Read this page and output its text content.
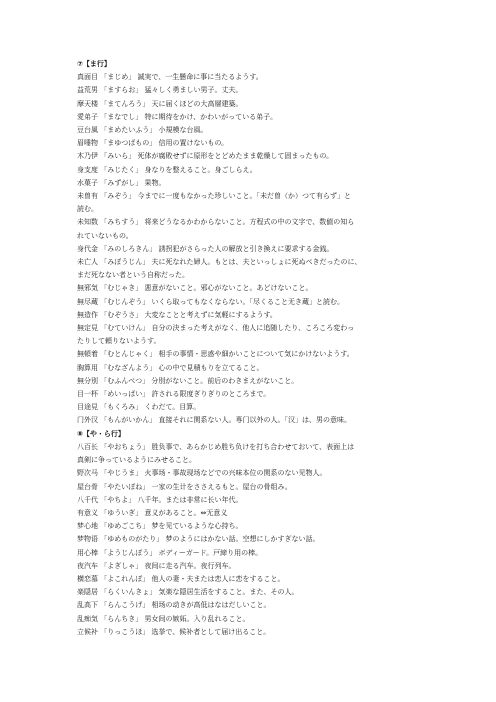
⑦【ま行】
真面目 「まじめ」 誠実で、一生懸命に事に当たるようす。
益荒男 「ますらお」 猛々しく勇ましい男子。丈夫。
摩天楼 「まてんろう」 天に届くほどの大高層建築。
愛弟子 「まなでし」 特に期待をかけ、かわいがっている弟子。
豆台風 「まめたいふう」 小規模な台風。
眉唾物 「まゆつばもの」 信用の置けないもの。
木乃伊 「みいら」 死体が腐敗せずに原形をとどめたまま乾燥して固まったもの。
身支度 「みじたく」 身なりを整えること。身ごしらえ。
水菓子 「みずがし」 果物。
未曽有 「みぞう」 今までに一度もなかった珍しいこと。「未だ曽（か）つて有らず」と
読む。
未知数 「みちすう」 将来どうなるかわからないこと。方程式の中の文字で、数値の知ら
れていないもの。
身代金 「みのしろきん」 誘拐犯がさらった人の解放と引き換えに要求する金銭。
未亡人 「みぼうじん」 夫に死なれた婦人。もとは、夫といっしょに死ぬべきだったのに、
まだ死なない者という自称だった。
無邪気 「むじゃき」 悪意がないこと。邪心がないこと。あどけないこと。
無尽蔵 「むじんぞう」 いくら取ってもなくならない。「尽くること无き蔵」と読む。
無造作 「むぞうさ」 大変なことと考えずに気軽にするようす。
無定見 「むていけん」 自分の決まった考えがなく、他人に追随したり、ころころ変わっ
たりして頼りないようす。
無頓着 「むとんじゃく」 相手の事情・思惑や細かいことについて気にかけないようす。
胸算用 「むなざんよう」 心の中で見積もりを立てること。
無分別 「むふんべつ」 分別がないこと。前后のわきまえがないこと。
目一杯 「めいっぱい」 許される限度ぎりぎりのところまで。
目途見 「もくろみ」 くわだて。目算。
门外汉 「もんがいかん」 直接それに関系ない人。専门以外の人。「汉」は、男の意味。
⑧【や・ら行】
八百长 「やおちょう」 胜负事で、あらかじめ胜ち负けを打ち合わせておいて、表面上は
真剣に争っているようにみせること。
野次马 「やじうま」 火事场・事故现场などでの兴味本位の関系のない见物人。
屋台骨 「やたいぼね」 一家の生计をささえるもと。屋台の骨组み。
八千代 「やちよ」 八千年。または非常に长い年代。
有意义 「ゆういぎ」 意义があること。⇔无意义
梦心地 「ゆめごこち」 梦を见ているような心持ち。
梦物语 「ゆめものがたり」 梦のようにはかない話。空想にしかすぎない話。
用心棒 「ようじんぼう」 ボディーガード。戸締り用の棒。
夜汽车 「よぎしゃ」 夜间に走る汽车。夜行列车。
横恋慕 「よこれんぼ」 他人の妻・夫または恋人に恋をすること。
楽隠居 「らくいんきょ」 気楽な隠居生活をすること。また、その人。
乱高下 「らんこうげ」 相场の动きが高低はなはだしいこと。
乱痴気 「らんちき」 男女间の嫉妬。入り乱れること。
立候补 「りっこうほ」 选挙で、候补者として届け出ること。
